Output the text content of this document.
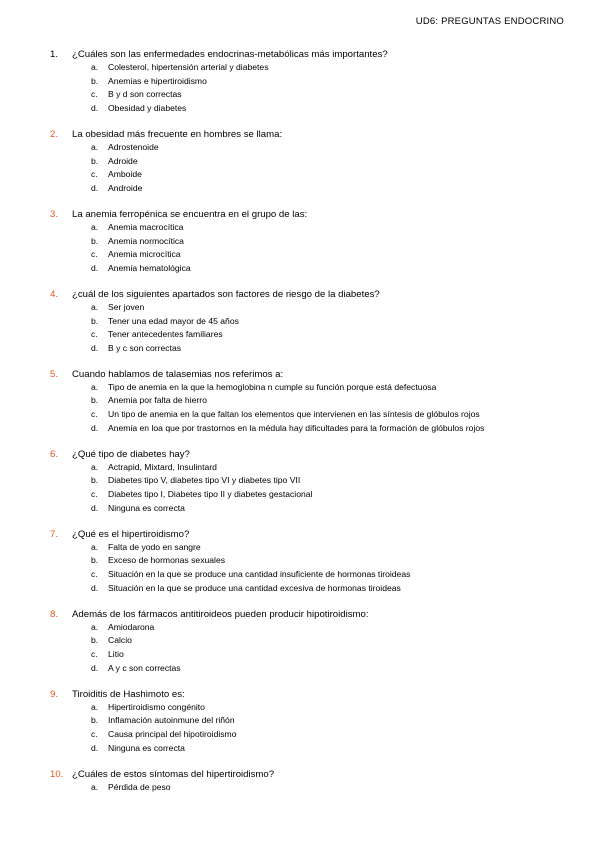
UD6: PREGUNTAS ENDOCRINO
1.	¿Cuáles son las enfermedades endocrinas-metabólicas más importantes?
a.	Colesterol, hipertensión arterial y diabetes
b.	Anemias e hipertiroidismo
c.	B y d son correctas
d.	Obesidad y diabetes
2.	La obesidad más frecuente en hombres se llama:
a.	Adrostenoide
b.	Adroide
c.	Amboide
d.	Androide
3.	La anemia ferropénica se encuentra en el grupo de las:
a.	Anemia macrocítica
b.	Anemia normocítica
c.	Anemia microcítica
d.	Anemia hematológica
4.	¿cuál de los siguientes apartados son factores de riesgo de la diabetes?
a.	Ser joven
b.	Tener una edad mayor de 45 años
c.	Tener antecedentes familiares
d.	B y c son correctas
5.	Cuando hablamos de talasemias nos referimos a:
a.	Tipo de anemia en la que la hemoglobina n cumple su función porque está defectuosa
b.	Anemia por falta de hierro
c.	Un tipo de anemia en la que faltan los elementos que intervienen en las síntesis de glóbulos rojos
d.	Anemia en loa que por trastornos en la médula hay dificultades para la formación de glóbulos rojos
6.	¿Qué tipo de diabetes hay?
a.	Actrapid, Mixtard, Insulintard
b.	Diabetes tipo V, diabetes tipo VI y diabetes tipo VII
c.	Diabetes tipo I, Diabetes tipo II y diabetes gestacional
d.	Ninguna es correcta
7.	¿Qué es el hipertiroidismo?
a.	Falta de yodo en sangre
b.	Exceso de hormonas sexuales
c.	Situación en la que se produce una cantidad insuficiente de hormonas tiroideas
d.	Situación en la que se produce una cantidad excesiva de hormonas tiroideas
8.	Además de los fármacos antitiroideos pueden producir hipotiroidismo:
a.	Amiodarona
b.	Calcio
c.	Litio
d.	A y c son correctas
9.	Tiroiditis de Hashimoto es:
a.	Hipertiroidismo congénito
b.	Inflamación autoinmune del riñón
c.	Causa principal del hipotiroidismo
d.	Ninguna es correcta
10. ¿Cuáles de estos síntomas del hipertiroidismo?
a.	Pérdida de peso
